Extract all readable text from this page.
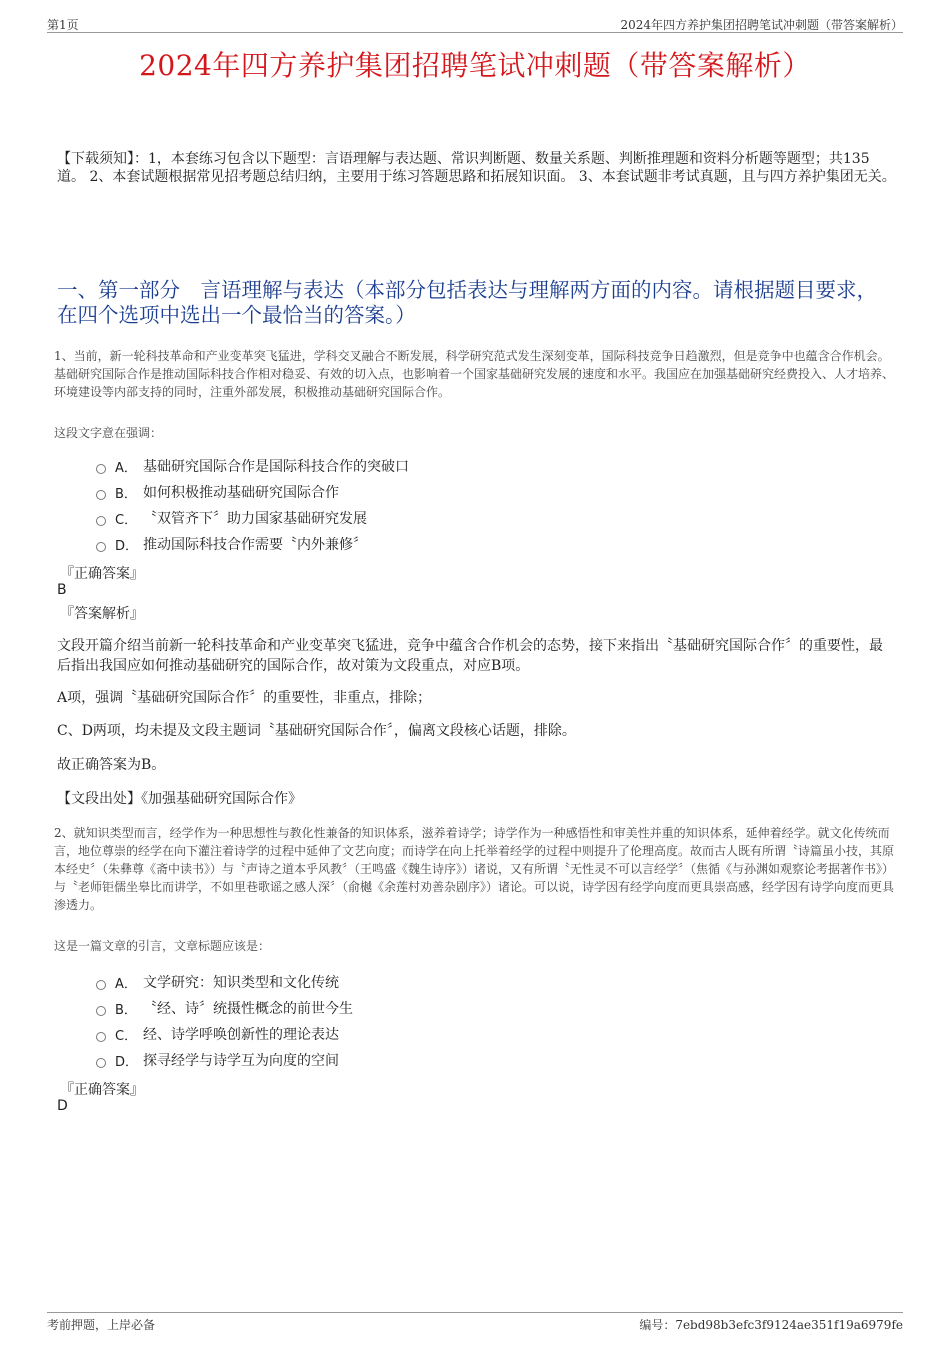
第1页	2024年四方养护集团招聘笔试冲刺题（带答案解析）
2024年四方养护集团招聘笔试冲刺题（带答案解析）
【下载须知】：1，本套练习包含以下题型：言语理解与表达题、常识判断题、数量关系题、判断推理题和资料分析题等题型；共135道。 2、本套试题根据常见招考题总结归纳，主要用于练习答题思路和拓展知识面。 3、本套试题非考试真题，且与四方养护集团无关。
一、第一部分　言语理解与表达（本部分包括表达与理解两方面的内容。请根据题目要求，在四个选项中选出一个最恰当的答案。）
1、当前，新一轮科技革命和产业变革突飞猛进，学科交叉融合不断发展，科学研究范式发生深刻变革，国际科技竞争日趋激烈，但是竞争中也蕴含合作机会。基础研究国际合作是推动国际科技合作相对稳妥、有效的切入点，也影响着一个国家基础研究发展的速度和水平。我国应在加强基础研究经费投入、人才培养、环境建设等内部支持的同时，注重外部发展，积极推动基础研究国际合作。
这段文字意在强调：
A． 基础研究国际合作是国际科技合作的突破口
B． 如何积极推动基础研究国际合作
C． 〝双管齐下〞助力国家基础研究发展
D． 推动国际科技合作需要〝内外兼修〞
『正确答案』
B
『答案解析』
文段开篇介绍当前新一轮科技革命和产业变革突飞猛进，竞争中蕴含合作机会的态势，接下来指出〝基础研究国际合作〞的重要性，最后指出我国应如何推动基础研究的国际合作，故对策为文段重点，对应B项。
A项，强调〝基础研究国际合作〞的重要性，非重点，排除；
C、D两项，均未提及文段主题词〝基础研究国际合作〞，偏离文段核心话题，排除。
故正确答案为B。
【文段出处】《加强基础研究国际合作》
2、就知识类型而言，经学作为一种思想性与教化性兼备的知识体系，滋养着诗学；诗学作为一种感悟性和审美性并重的知识体系，延伸着经学。就文化传统而言，地位尊崇的经学在向下灌注着诗学的过程中延伸了文艺向度；而诗学在向上托举着经学的过程中则提升了伦理高度。故而古人既有所谓〝诗篇虽小技，其原本经史〞（朱彝尊《斋中读书》）与〝声诗之道本乎风教〞（王鸣盛《魏生诗序》）诸说，又有所谓〝无性灵不可以言经学〞（焦循《与孙渊如观察论考据著作书》）与〝老师钜儒坐皋比而讲学，不如里巷歌谣之感人深〞（俞樾《余莲村劝善杂剧序》）诸论。可以说，诗学因有经学向度而更具崇高感，经学因有诗学向度而更具渗透力。
这是一篇文章的引言，文章标题应该是：
A． 文学研究：知识类型和文化传统
B． 〝经、诗〞统摄性概念的前世今生
C． 经、诗学呼唤创新性的理论表达
D． 探寻经学与诗学互为向度的空间
『正确答案』
D
考前押题，上岸必备	编号：7ebd98b3efc3f9124ae351f19a6979fe
